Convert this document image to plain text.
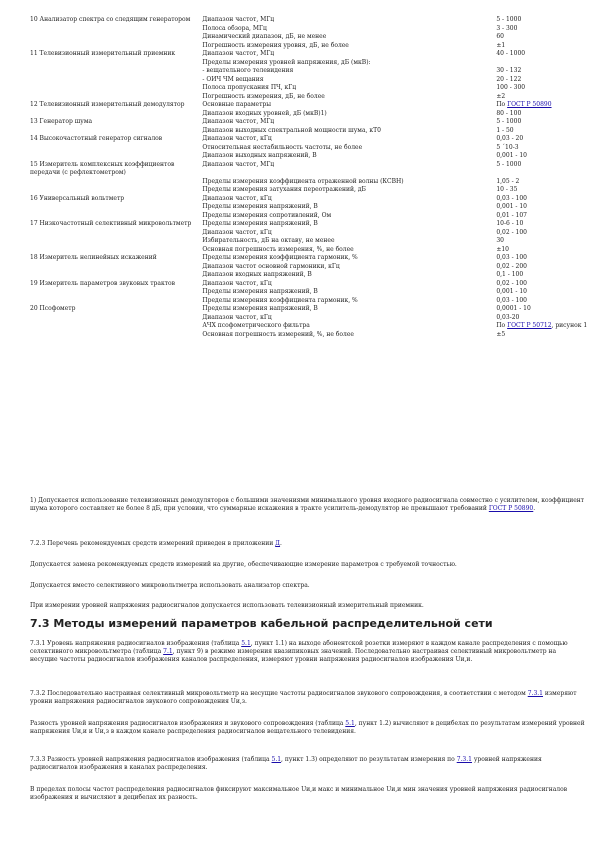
10 Анализатор спектра со следящим генератором	Диапазон частот, МГц	5 - 1000
Полоса обзора, МГц	3 - 300
Динамический диапазон, дБ, не менее	60
Погрешность измерения уровня, дБ, не более	±1
11 Телевизионный измерительный приемник	Диапазон частот, МГц	40 - 1000
Пределы измерения уровней напряжения, дБ (мкВ):
- вещательного телевидения	30 - 132
- ОИЧ ЧМ вещания	20 - 122
Полоса пропускания ПЧ, кГц	100 - 300
Погрешность измерения, дБ, не более	±2
12 Телевизионный измерительный демодулятор	Основные параметры	По ГОСТ Р 50890
Диапазон входных уровней, дБ (мкВ)1)	80 - 100
13 Генератор шума	Диапазон частот, МГц	5 - 1000
Диапазон выходных спектральной мощности шума, кТ0	1 - 50
14 Высокочастотный генератор сигналов	Диапазон частот, кГц	0,03 - 20
Относительная нестабильность частоты, не более	5 ´10-3
Диапазон выходных напряжений, В	0,001 - 10
15 Измеритель комплексных коэффициентов передачи (с рефлектометром)
Диапазон частот, МГц	5 - 1000
Пределы измерения коэффициента отраженной волны (КСВН)	1,05 - 2
Пределы измерения затухания переотражений, дБ	10 - 35
16 Универсальный вольтметр	Диапазон частот, кГц	0,03 - 100
Пределы измерения напряжений, В	0,001 - 10
Пределы измерения сопротивлений, Ом	0,01 - 107
17 Низкочастотный селективный микровольтметр	Пределы измерения напряжений, В	10-6 - 10
Диапазон частот, кГц	0,02 - 100
Избирательность, дБ на октаву, не менее	30
Основная погрешность измерения, %, не более	±10
18 Измеритель нелинейных искажений	Пределы измерения коэффициента гармоник, %	0,03 - 100
Диапазон частот основной гармоники, кГц	0,02 - 200
Диапазон входных напряжений, В	0,1 - 100
19 Измеритель параметров звуковых трактов	Диапазон частот, кГц	0,02 - 100
Пределы измерения напряжений, В	0,001 - 10
Пределы измерения коэффициента гармоник, %	0,03 - 100
20 Псофометр	Пределы измерения напряжений, В	0,0001 - 10
Диапазон частот, кГц	0,03-20
АЧХ псофометрического фильтра	По ГОСТ Р 50712, рисунок 1
Основная погрешность измерений, %, не более	±5
1) Допускается использование телевизионных демодуляторов с большими значениями минимального уровня входного радиосигнала совместно с усилителем, коэффициент шума которого составляет не более 8 дБ, при условии, что суммарные искажения в тракте усилитель-демодулятор не превышают требований ГОСТ Р 50890.
7.2.3 Перечень рекомендуемых средств измерений приведен в приложении Д.
Допускается замена рекомендуемых средств измерений на другие, обеспечивающие измерение параметров с требуемой точностью.
Допускается вместо селективного микровольтметра использовать анализатор спектра.
При измерении уровней напряжения радиосигналов допускается использовать телевизионный измерительный приемник.
7.3 Методы измерений параметров кабельной распределительной сети
7.3.1 Уровень напряжения радиосигналов изображения (таблица 5.1, пункт 1.1) на выходе абонентской розетки измеряют в каждом канале распределения с помощью селективного микровольтметра (таблица 7.1, пункт 9) в режиме измерения квазипиковых значений. Последовательно настраивая селективный микровольтметр на несущие частоты радиосигналов изображения каналов распределения, измеряют уровни напряжения радиосигналов изображения Uи,и.
7.3.2 Последовательно настраивая селективный микровольтметр на несущие частоты радиосигналов звукового сопровождения, в соответствии с методом 7.3.1 измеряют уровни напряжения радиосигналов звукового сопровождения Uи,з.
Разность уровней напряжения радиосигналов изображения и звукового сопровождения (таблица 5.1, пункт 1.2) вычисляют в децибелах по результатам измерений уровней напряжения Uи,и и Uи,з в каждом канале распределения радиосигналов вещательного телевидения.
7.3.3 Разность уровней напряжения радиосигналов изображения (таблица 5.1, пункт 1.3) определяют по результатам измерения по 7.3.1 уровней напряжения радиосигналов изображения в каналах распределения.
В пределах полосы частот распределения радиосигналов фиксируют максимальное Uи,и макс и минимальное Uи,и мин значения уровней напряжения радиосигналов изображения и вычисляют в децибелах их разность.
